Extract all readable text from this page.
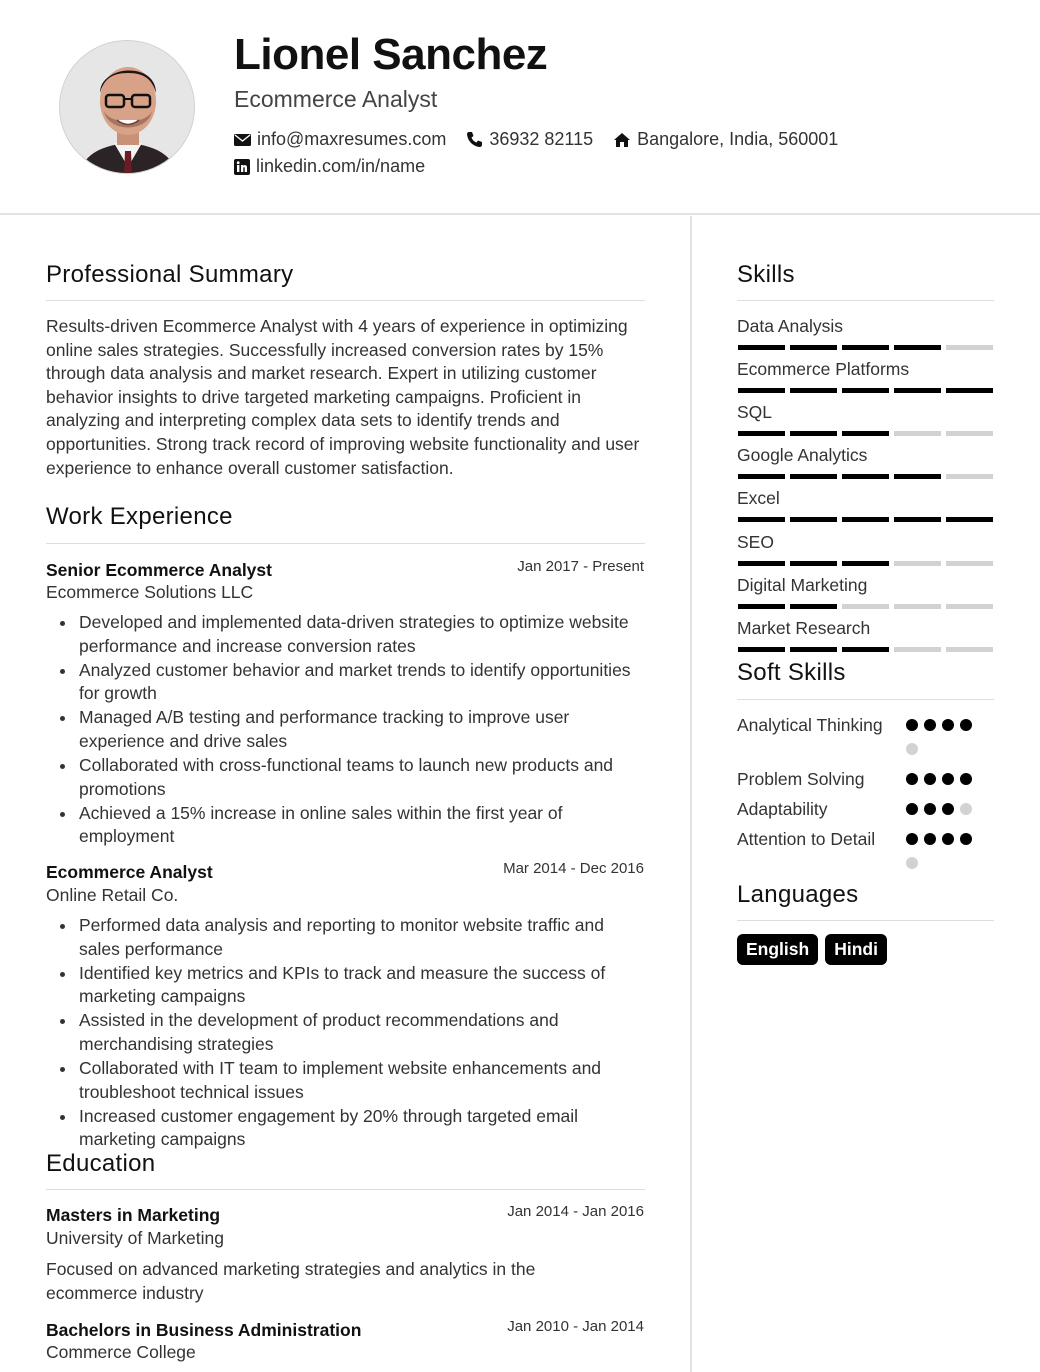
Lionel Sanchez
Ecommerce Analyst
info@maxresumes.com 36932 82115 Bangalore, India, 560001
linkedin.com/in/name
Professional Summary
Results-driven Ecommerce Analyst with 4 years of experience in optimizing online sales strategies. Successfully increased conversion rates by 15% through data analysis and market research. Expert in utilizing customer behavior insights to drive targeted marketing campaigns. Proficient in analyzing and interpreting complex data sets to identify trends and opportunities. Strong track record of improving website functionality and user experience to enhance overall customer satisfaction.
Work Experience
Senior Ecommerce Analyst	Jan 2017 - Present
Ecommerce Solutions LLC
Developed and implemented data-driven strategies to optimize website performance and increase conversion rates
Analyzed customer behavior and market trends to identify opportunities for growth
Managed A/B testing and performance tracking to improve user experience and drive sales
Collaborated with cross-functional teams to launch new products and promotions
Achieved a 15% increase in online sales within the first year of employment
Ecommerce Analyst	Mar 2014 - Dec 2016
Online Retail Co.
Performed data analysis and reporting to monitor website traffic and sales performance
Identified key metrics and KPIs to track and measure the success of marketing campaigns
Assisted in the development of product recommendations and merchandising strategies
Collaborated with IT team to implement website enhancements and troubleshoot technical issues
Increased customer engagement by 20% through targeted email marketing campaigns
Education
Masters in Marketing	Jan 2014 - Jan 2016
University of Marketing
Focused on advanced marketing strategies and analytics in the ecommerce industry
Bachelors in Business Administration	Jan 2010 - Jan 2014
Commerce College
Skills
Data Analysis
Ecommerce Platforms
SQL
Google Analytics
Excel
SEO
Digital Marketing
Market Research
Soft Skills
Analytical Thinking
Problem Solving
Adaptability
Attention to Detail
Languages
English	Hindi
